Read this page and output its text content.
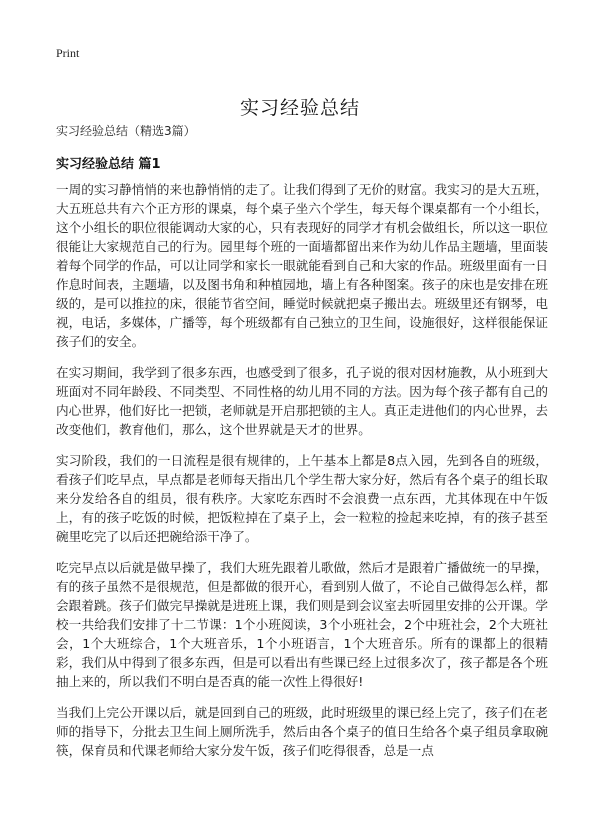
Print
实习经验总结
实习经验总结（精选3篇）
实习经验总结 篇1

一周的实习静悄悄的来也静悄悄的走了。让我们得到了无价的财富。我实习的是大五班，大五班总共有六个正方形的课桌，每个桌子坐六个学生，每天每个课桌都有一个小组长，这个小组长的职位很能调动大家的心，只有表现好的同学才有机会做组长，所以这一职位很能让大家规范自己的行为。园里每个班的一面墙都留出来作为幼儿作品主题墙，里面装着每个同学的作品，可以让同学和家长一眼就能看到自己和大家的作品。班级里面有一日作息时间表，主题墙，以及图书角和种植园地，墙上有各种图案。孩子的床也是安排在班级的，是可以推拉的床，很能节省空间，睡觉时候就把桌子搬出去。班级里还有钢琴，电视，电话，多媒体，广播等，每个班级都有自己独立的卫生间，设施很好，这样很能保证孩子们的安全。

在实习期间，我学到了很多东西，也感受到了很多，孔子说的很对因材施教，从小班到大班面对不同年龄段、不同类型、不同性格的幼儿用不同的方法。因为每个孩子都有自己的内心世界，他们好比一把锁，老师就是开启那把锁的主人。真正走进他们的内心世界，去改变他们，教育他们，那么，这个世界就是天才的世界。

实习阶段，我们的一日流程是很有规律的，上午基本上都是8点入园，先到各自的班级，看孩子们吃早点，早点都是老师每天指出几个学生帮大家分好，然后有各个桌子的组长取来分发给各自的组员，很有秩序。大家吃东西时不会浪费一点东西，尤其体现在中午饭上，有的孩子吃饭的时候，把饭粒掉在了桌子上，会一粒粒的捡起来吃掉，有的孩子甚至碗里吃完了以后还把碗给添干净了。

吃完早点以后就是做早操了，我们大班先跟着儿歌做，然后才是跟着广播做统一的早操，有的孩子虽然不是很规范，但是都做的很开心，看到别人做了，不论自己做得怎么样，都会跟着跳。孩子们做完早操就是进班上课，我们则是到会议室去听园里安排的公开课。学校一共给我们安排了十二节课：1个小班阅读，3个小班社会，2个中班社会，2个大班社会，1个大班综合，1个大班音乐，1个小班语言，1个大班音乐。所有的课都上的很精彩，我们从中得到了很多东西，但是可以看出有些课已经上过很多次了，孩子都是各个班抽上来的，所以我们不明白是否真的能一次性上得很好!

当我们上完公开课以后，就是回到自己的班级，此时班级里的课已经上完了，孩子们在老师的指导下，分批去卫生间上厕所洗手，然后由各个桌子的值日生给各个桌子组员拿取碗筷，保育员和代课老师给大家分发午饭，孩子们吃得很香，总是一点
